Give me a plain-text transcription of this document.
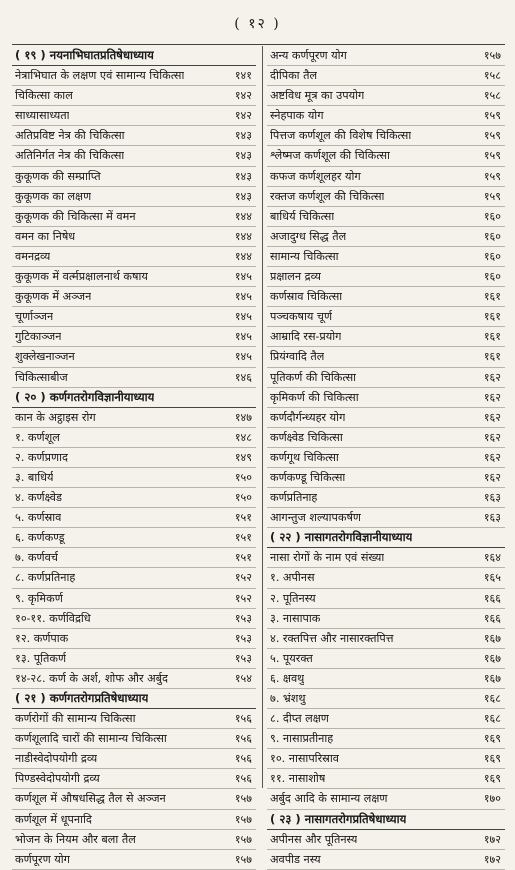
( १२ )
( १९ ) नयनाभिघातप्रतिषेधाध्याय
नेत्राभिघात के लक्षण एवं सामान्य चिकित्सा	१४१
चिकित्सा काल	१४२
साध्यासाध्यता	१४२
अतिप्रविष्ट नेत्र की चिकित्सा	१४३
अतिनिर्गत नेत्र की चिकित्सा	१४३
कुकूणक की सम्प्राप्ति	१४३
कुकूणक का लक्षण	१४३
कुकूणक की चिकित्सा में वमन	१४४
वमन का निषेध	१४४
वमनद्रव्य	१४४
कुकूणक में वर्त्मप्रक्षालनार्थ कषाय	१४५
कुकूणक में अञ्जन	१४५
चूर्णाञ्जन	१४५
गुटिकाञ्जन	१४५
शुक्लेखनाञ्जन	१४५
चिकित्साबीज	१४६
( २० ) कर्णगतरोगविज्ञानीयाध्याय
कान के अट्ठाइस रोग	१४७
१. कर्णशूल	१४८
२. कर्णप्रणाद	१४९
३. बाधिर्य	१५०
४. कर्णक्ष्वेड	१५०
५. कर्णस्राव	१५१
६. कर्णकण्डू	१५१
७. कर्णवर्च	१५१
८. कर्णप्रतिनाह	१५२
९. कृमिकर्ण	१५२
१०-११. कर्णविद्रधि	१५३
१२. कर्णपाक	१५३
१३. पूतिकर्ण	१५३
१४-२८. कर्ण के अर्श, शोफ और अर्बुद	१५४
( २१ ) कर्णगतरोगप्रतिषेधाध्याय
कर्णरोगों की सामान्य चिकित्सा	१५६
कर्णशूलादि चारों की सामान्य चिकित्सा	१५६
नाडीस्वेदोपयोगी द्रव्य	१५६
पिण्डस्वेदोपयोगी द्रव्य	१५६
कर्णशूल में औषधसिद्ध तैल से अञ्जन	१५७
कर्णशूल में धूपनादि	१५७
भोजन के नियम और बला तैल	१५७
कर्णपूरण योग	१५७
अन्य कर्णपूरण योग	१५७
दीपिका तैल	१५८
अष्टविध मूत्र का उपयोग	१५८
स्नेहपाक योग	१५९
पित्तज कर्णशूल की विशेष चिकित्सा	१५९
श्लेष्मज कर्णशूल की चिकित्सा	१५९
कफज कर्णशूलहर योग	१५९
रक्तज कर्णशूल की चिकित्सा	१५९
बाधिर्य चिकित्सा	१६०
अजादुग्ध सिद्ध तैल	१६०
सामान्य चिकित्सा	१६०
प्रक्षालन द्रव्य	१६०
कर्णस्राव चिकित्सा	१६१
पञ्चकषाय चूर्ण	१६१
आम्रादि रस-प्रयोग	१६१
प्रियंग्वादि तैल	१६१
पूतिकर्ण की चिकित्सा	१६२
कृमिकर्ण की चिकित्सा	१६२
कर्णदौर्गन्ध्यहर योग	१६२
कर्णक्ष्वेड चिकित्सा	१६२
कर्णगूथ चिकित्सा	१६२
कर्णकण्डू चिकित्सा	१६२
कर्णप्रतिनाह	१६३
आगन्तुज शल्यापकर्षण	१६३
( २२ ) नासागतरोगविज्ञानीयाध्याय
नासा रोगों के नाम एवं संख्या	१६४
१. अपीनस	१६५
२. पूतिनस्य	१६६
३. नासापाक	१६६
४. रक्तपित्त और नासारक्तपित्त	१६७
५. पूयरक्त	१६७
६. क्षवथु	१६७
७. भ्रंशथु	१६८
८. दीप्त लक्षण	१६८
९. नासाप्रतीनाह	१६९
१०. नासापरिस्राव	१६९
११. नासाशोष	१६९
अर्बुद आदि के सामान्य लक्षण	१७०
( २३ ) नासागतरोगप्रतिषेधाध्याय
अपीनस और पूतिनस्य	१७२
अवपीड नस्य	१७२
